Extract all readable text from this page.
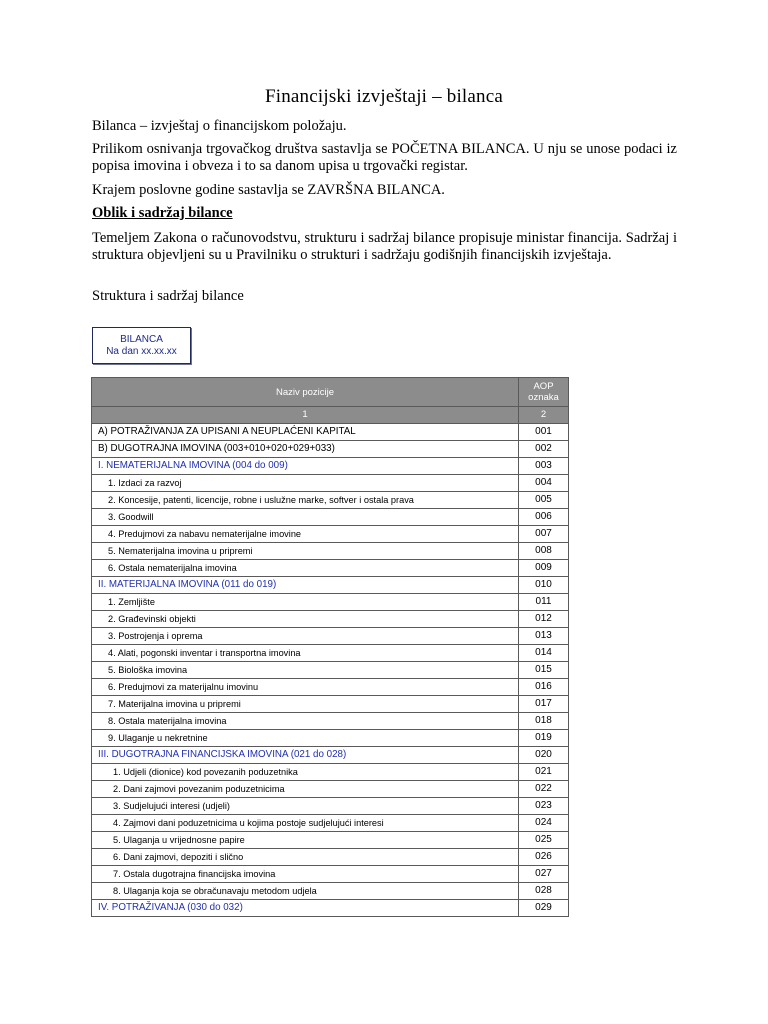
Financijski izvještaji – bilanca

Bilanca – izvještaj o financijskom položaju.

Prilikom osnivanja trgovačkog društva sastavlja se POČETNA BILANCA. U nju se unose podaci iz popisa imovina i obveza i to sa danom upisa u trgovački registar.

Krajem poslovne godine sastavlja se ZAVRŠNA BILANCA.

Oblik i sadržaj bilance

Temeljem Zakona o računovodstvu, strukturu i sadržaj bilance propisuje ministar financija. Sadržaj i struktura objevljeni su u Pravilniku o strukturi i sadržaju godišnjih financijskih izvještaja.

Struktura i sadržaj bilance

BILANCA
Na dan xx.xx.xx
Naziv pozicije	AOP oznaka
1	2
A) POTRAŽIVANJA ZA UPISANI A NEUPLAĆENI KAPITAL	001
B) DUGOTRAJNA IMOVINA (003+010+020+029+033)	002
I. NEMATERIJALNA IMOVINA (004 do 009)	003
1. Izdaci za razvoj	004
2. Koncesije, patenti, licencije, robne i uslužne marke, softver i ostala prava	005
3. Goodwill	006
4. Predujmovi za nabavu nematerijalne imovine	007
5. Nematerijalna imovina u pripremi	008
6. Ostala nematerijalna imovina	009
II. MATERIJALNA IMOVINA (011 do 019)	010
1. Zemljište	011
2. Građevinski objekti	012
3. Postrojenja i oprema	013
4. Alati, pogonski inventar i transportna imovina	014
5. Biološka imovina	015
6. Predujmovi za materijalnu imovinu	016
7. Materijalna imovina u pripremi	017
8. Ostala materijalna imovina	018
9. Ulaganje u nekretnine	019
III. DUGOTRAJNA FINANCIJSKA IMOVINA (021 do 028)	020
1. Udjeli (dionice) kod povezanih poduzetnika	021
2. Dani zajmovi povezanim poduzetnicima	022
3. Sudjelujući interesi (udjeli)	023
4. Zajmovi dani poduzetnicima u kojima postoje sudjelujući interesi	024
5. Ulaganja u vrijednosne papire	025
6. Dani zajmovi, depoziti i slično	026
7. Ostala dugotrajna financijska imovina	027
8. Ulaganja koja se obračunavaju metodom udjela	028
IV. POTRAŽIVANJA (030 do 032)	029
